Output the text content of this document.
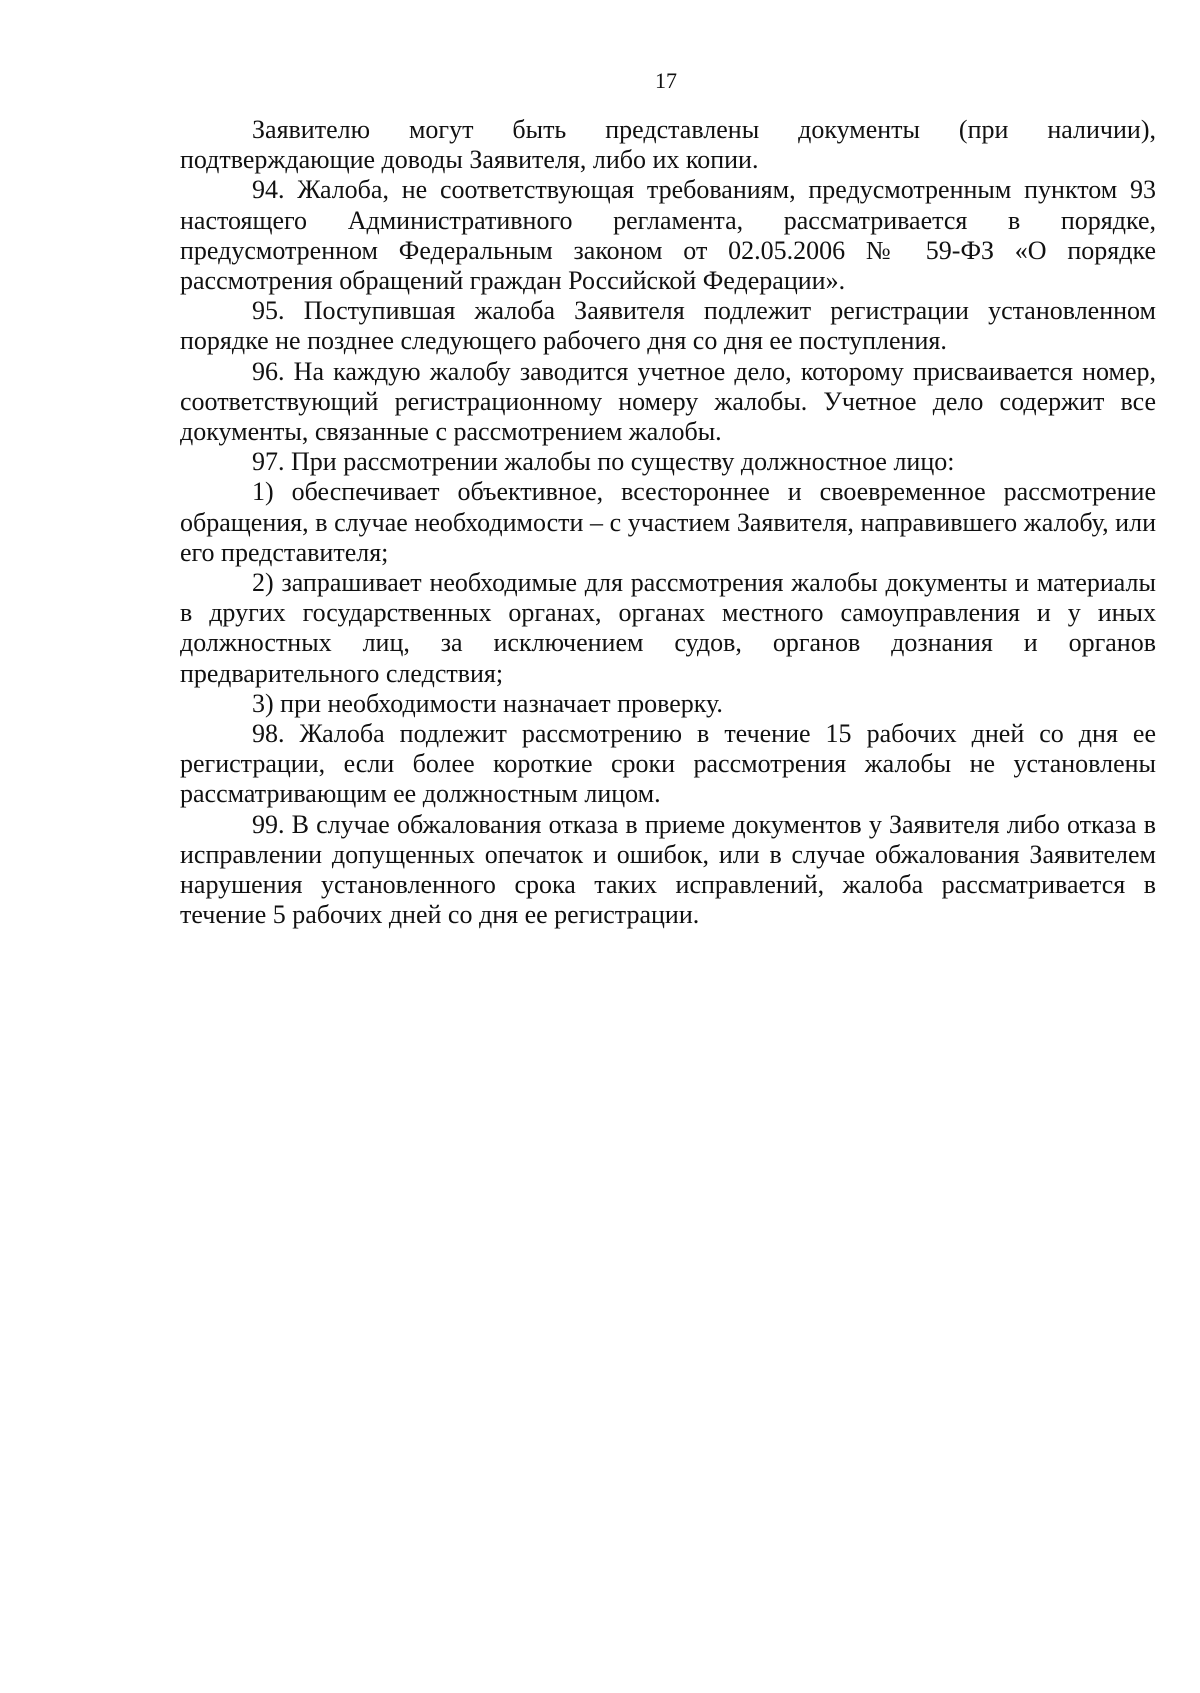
17

Заявителю могут быть представлены документы (при наличии), подтверждающие доводы Заявителя, либо их копии.

94. Жалоба, не соответствующая требованиям, предусмотренным пунктом 93 настоящего Административного регламента, рассматривается в порядке, предусмотренном Федеральным законом от 02.05.2006 № 59-ФЗ «О порядке рассмотрения обращений граждан Российской Федерации».

95. Поступившая жалоба Заявителя подлежит регистрации установленном порядке не позднее следующего рабочего дня со дня ее поступления.

96. На каждую жалобу заводится учетное дело, которому присваивается номер, соответствующий регистрационному номеру жалобы. Учетное дело содержит все документы, связанные с рассмотрением жалобы.

97. При рассмотрении жалобы по существу должностное лицо:

1) обеспечивает объективное, всестороннее и своевременное рассмотрение обращения, в случае необходимости – с участием Заявителя, направившего жалобу, или его представителя;

2) запрашивает необходимые для рассмотрения жалобы документы и материалы в других государственных органах, органах местного самоуправления и у иных должностных лиц, за исключением судов, органов дознания и органов предварительного следствия;

3) при необходимости назначает проверку.

98. Жалоба подлежит рассмотрению в течение 15 рабочих дней со дня ее регистрации, если более короткие сроки рассмотрения жалобы не установлены рассматривающим ее должностным лицом.

99. В случае обжалования отказа в приеме документов у Заявителя либо отказа в исправлении допущенных опечаток и ошибок, или в случае обжалования Заявителем нарушения установленного срока таких исправлений, жалоба рассматривается в течение 5 рабочих дней со дня ее регистрации.
